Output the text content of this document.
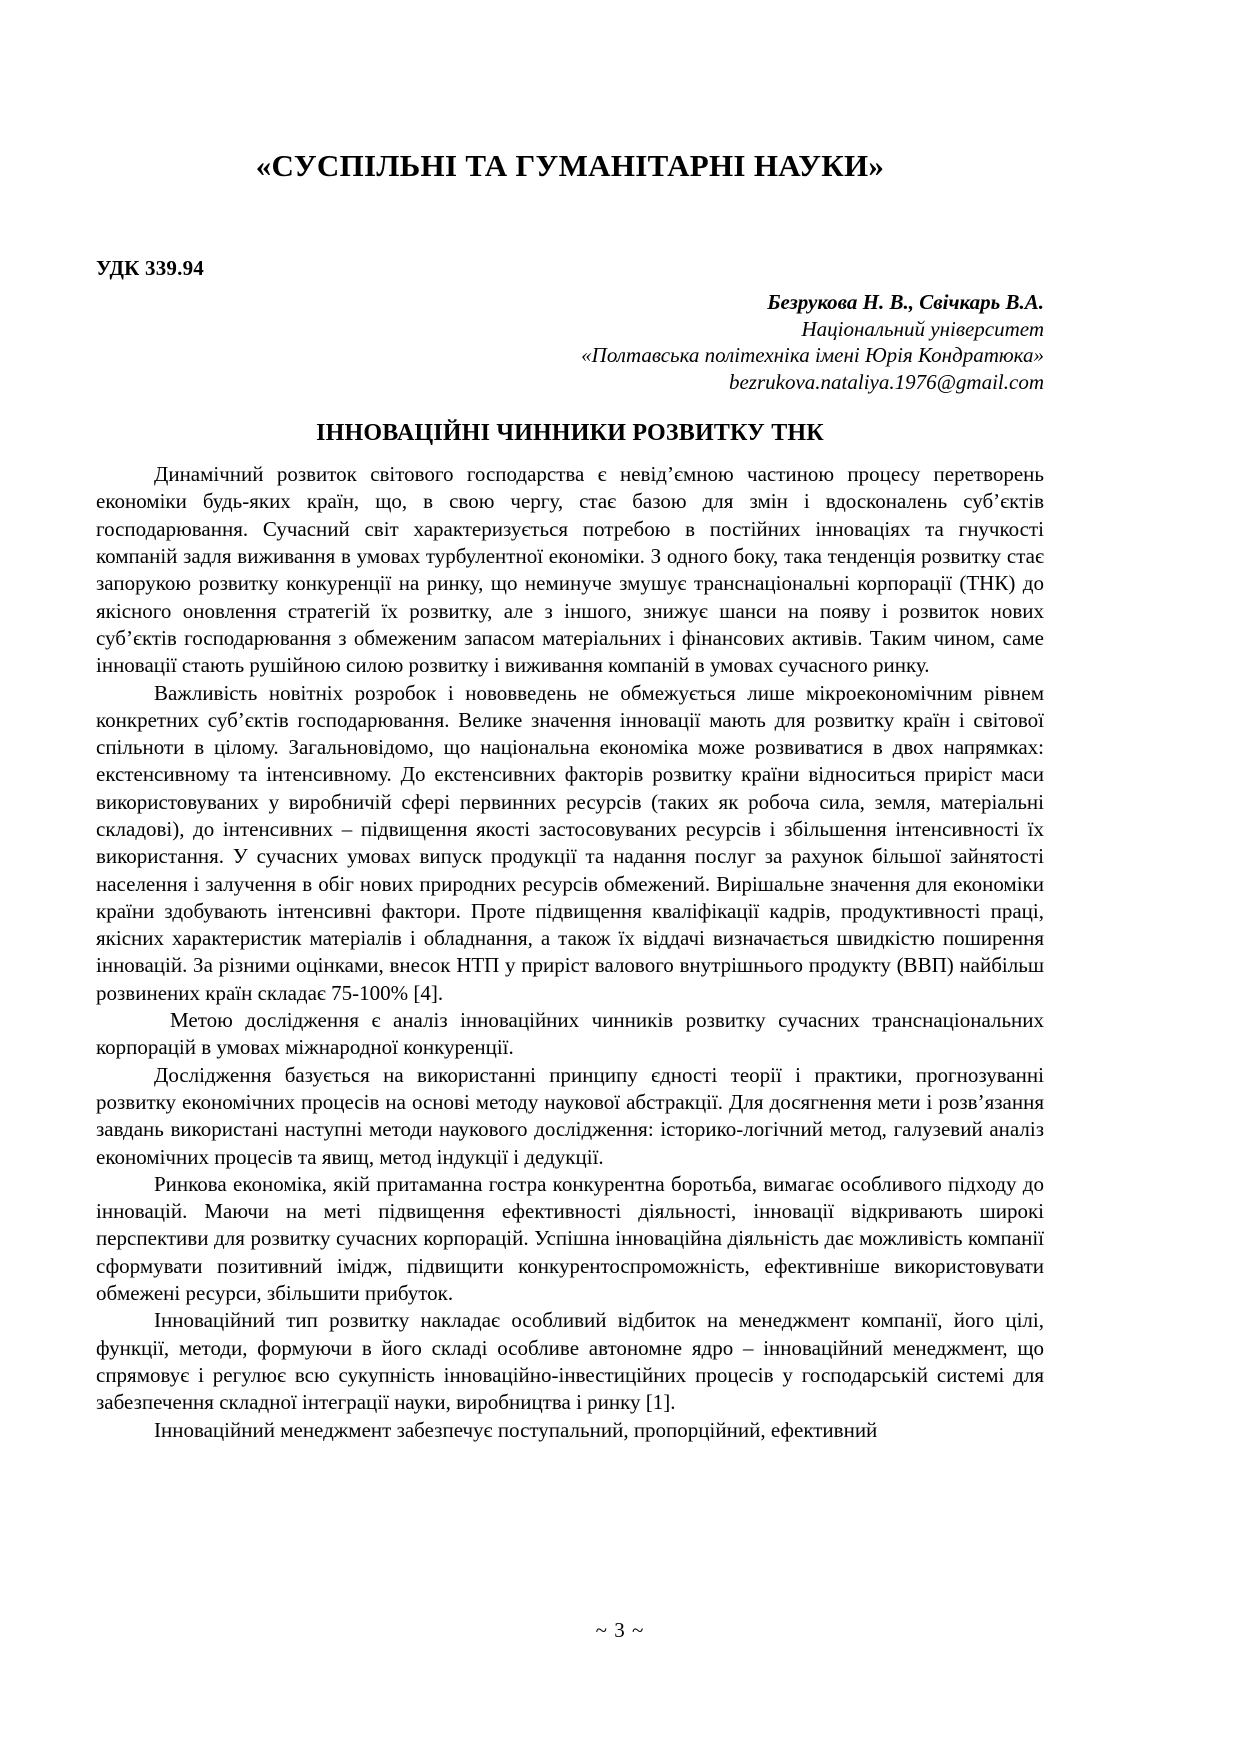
«СУСПІЛЬНІ ТА ГУМАНІТАРНІ НАУКИ»
УДК 339.94
Безрукова Н. В., Свічкарь В.А.
Національний університет
«Полтавська політехніка імені Юрія Кондратюка»
bezrukova.nataliya.1976@gmail.com
ІННОВАЦІЙНІ ЧИННИКИ РОЗВИТКУ ТНК

Динамічний розвиток світового господарства є невід’ємною частиною процесу перетворень економіки будь-яких країн, що, в свою чергу, стає базою для змін і вдосконалень суб’єктів господарювання. Сучасний світ характеризується потребою в постійних інноваціях та гнучкості компаній задля виживання в умовах турбулентної економіки. З одного боку, така тенденція розвитку стає запорукою розвитку конкуренції на ринку, що неминуче змушує транснаціональні корпорації (ТНК) до якісного оновлення стратегій їх розвитку, але з іншого, знижує шанси на появу і розвиток нових суб’єктів господарювання з обмеженим запасом матеріальних і фінансових активів. Таким чином, саме інновації стають рушійною силою розвитку і виживання компаній в умовах сучасного ринку.

Важливість новітніх розробок і нововведень не обмежується лише мікроекономічним рівнем конкретних суб’єктів господарювання. Велике значення інновації мають для розвитку країн і світової спільноти в цілому. Загальновідомо, що національна економіка може розвиватися в двох напрямках: екстенсивному та інтенсивному. До екстенсивних факторів розвитку країни відноситься приріст маси використовуваних у виробничій сфері первинних ресурсів (таких як робоча сила, земля, матеріальні складові), до інтенсивних – підвищення якості застосовуваних ресурсів і збільшення інтенсивності їх використання. У сучасних умовах випуск продукції та надання послуг за рахунок більшої зайнятості населення і залучення в обіг нових природних ресурсів обмежений. Вирішальне значення для економіки країни здобувають інтенсивні фактори. Проте підвищення кваліфікації кадрів, продуктивності праці, якісних характеристик матеріалів і обладнання, а також їх віддачі визначається швидкістю поширення інновацій. За різними оцінками, внесок НТП у приріст валового внутрішнього продукту (ВВП) найбільш розвинених країн складає 75-100% [4].

Метою дослідження є аналіз інноваційних чинників розвитку сучасних транснаціональних корпорацій в умовах міжнародної конкуренції.

Дослідження базується на використанні принципу єдності теорії і практики, прогнозуванні розвитку економічних процесів на основі методу наукової абстракції. Для досягнення мети і розв’язання завдань використані наступні методи наукового дослідження: історико-логічний метод, галузевий аналіз економічних процесів та явищ, метод індукції і дедукції.

Ринкова економіка, якій притаманна гостра конкурентна боротьба, вимагає особливого підходу до інновацій. Маючи на меті підвищення ефективності діяльності, інновації відкривають широкі перспективи для розвитку сучасних корпорацій. Успішна інноваційна діяльність дає можливість компанії сформувати позитивний імідж, підвищити конкурентоспроможність, ефективніше використовувати обмежені ресурси, збільшити прибуток.

Інноваційний тип розвитку накладає особливий відбиток на менеджмент компанії, його цілі, функції, методи, формуючи в його складі особливе автономне ядро – інноваційний менеджмент, що спрямовує і регулює всю сукупність інноваційно-інвестиційних процесів у господарській системі для забезпечення складної інтеграції науки, виробництва і ринку [1].

Інноваційний менеджмент забезпечує поступальний, пропорційний, ефективний

~ 3 ~
